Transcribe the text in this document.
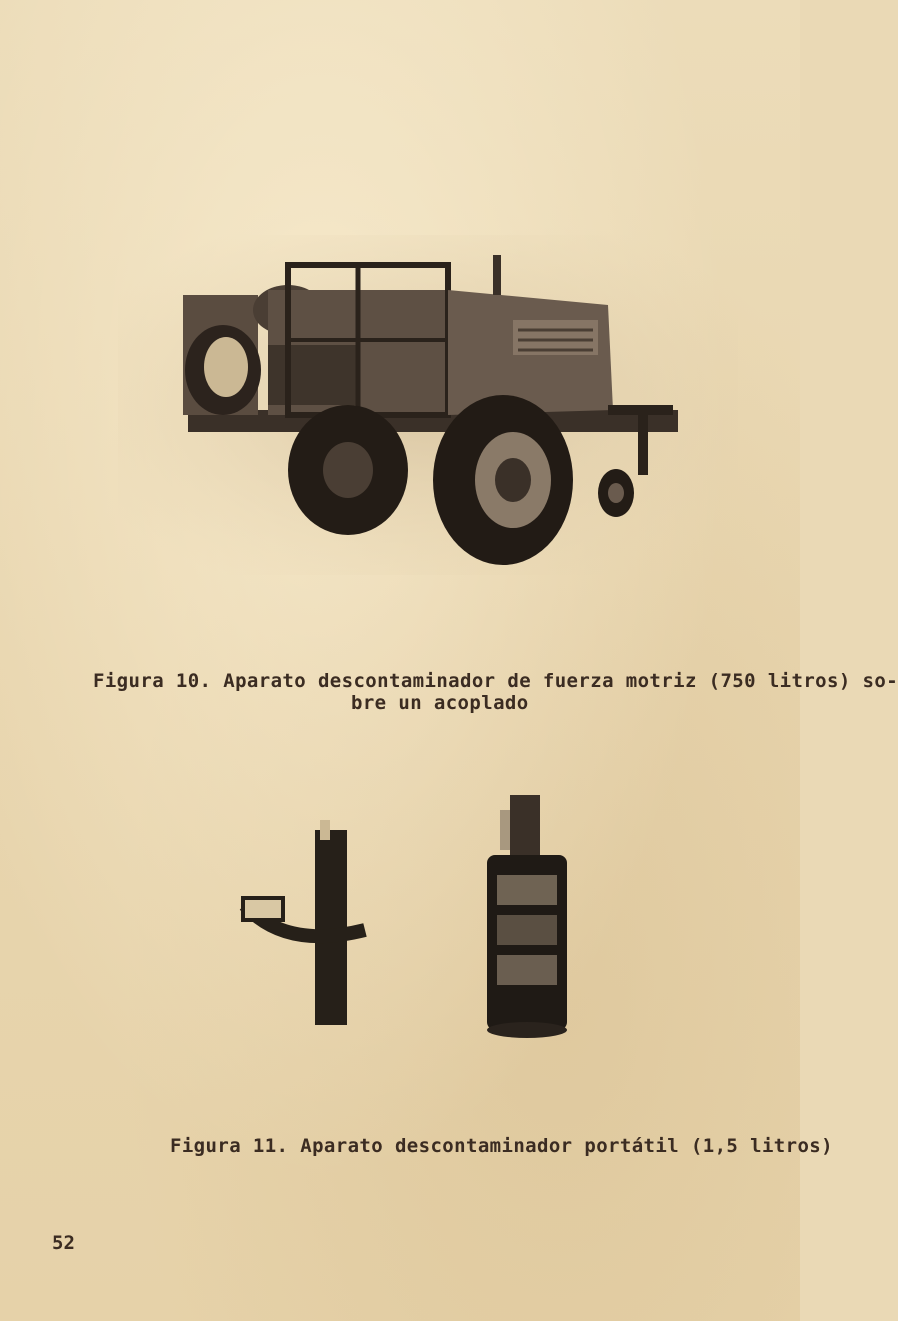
Figura 10. Aparato descontaminador de fuerza motriz (750 litros) so-
bre un acoplado
Figura 11. Aparato descontaminador portátil (1,5 litros)
52
